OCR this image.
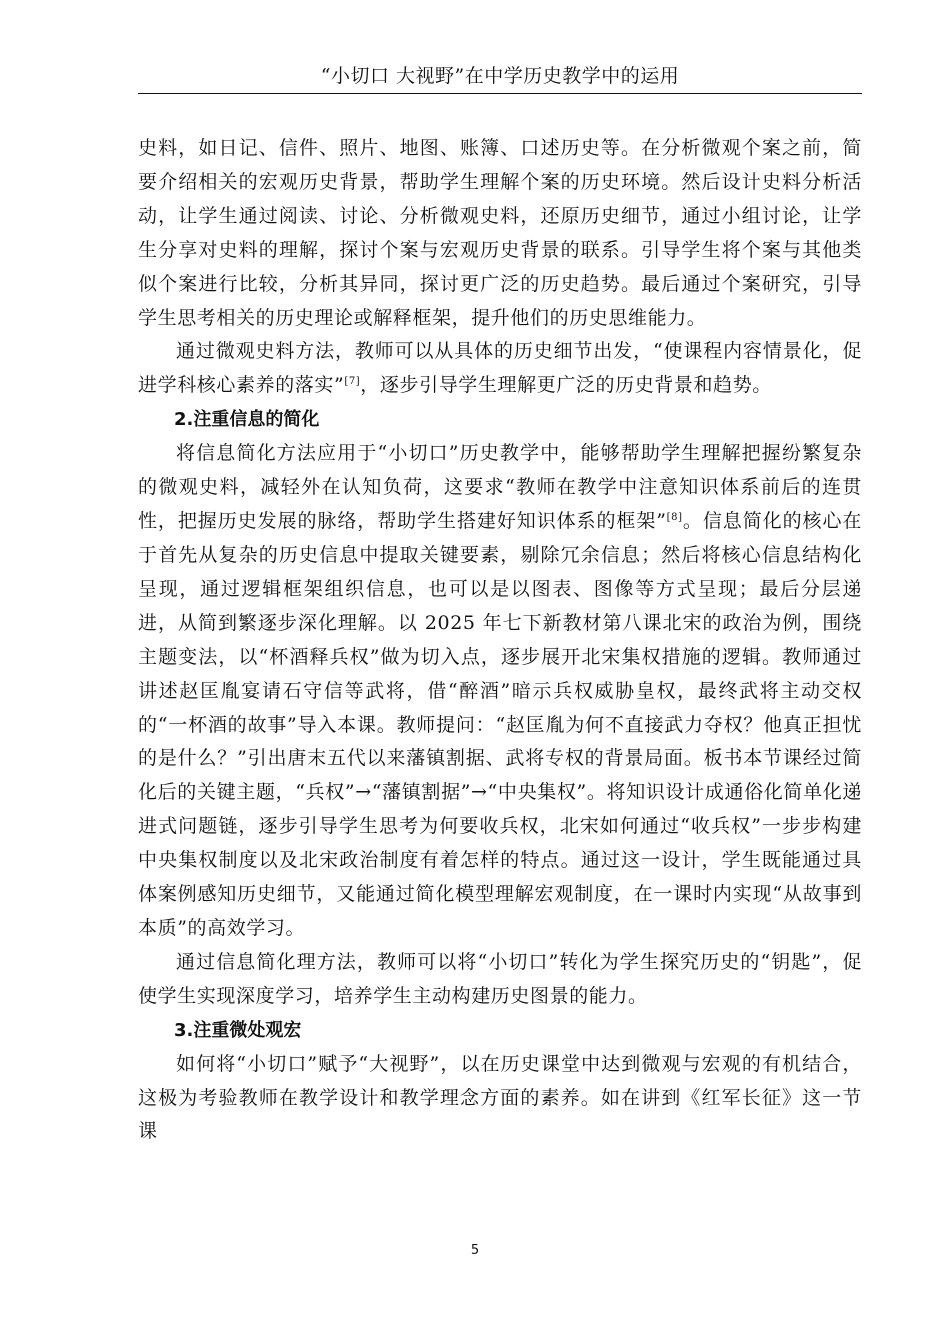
“小切口 大视野”在中学历史教学中的运用

史料，如日记、信件、照片、地图、账簿、口述历史等。在分析微观个案之前，简要介绍相关的宏观历史背景，帮助学生理解个案的历史环境。然后设计史料分析活动，让学生通过阅读、讨论、分析微观史料，还原历史细节，通过小组讨论，让学生分享对史料的理解，探讨个案与宏观历史背景的联系。引导学生将个案与其他类似个案进行比较，分析其异同，探讨更广泛的历史趋势。最后通过个案研究，引导学生思考相关的历史理论或解释框架，提升他们的历史思维能力。

通过微观史料方法，教师可以从具体的历史细节出发，“使课程内容情景化，促进学科核心素养的落实”[7]，逐步引导学生理解更广泛的历史背景和趋势。

2.注重信息的简化

将信息简化方法应用于“小切口”历史教学中，能够帮助学生理解把握纷繁复杂的微观史料，减轻外在认知负荷，这要求“教师在教学中注意知识体系前后的连贯性，把握历史发展的脉络，帮助学生搭建好知识体系的框架”[8]。信息简化的核心在于首先从复杂的历史信息中提取关键要素，剔除冗余信息；然后将核心信息结构化呈现，通过逻辑框架组织信息，也可以是以图表、图像等方式呈现；最后分层递进，从简到繁逐步深化理解。以 2025 年七下新教材第八课北宋的政治为例，围绕主题变法，以“杯酒释兵权”做为切入点，逐步展开北宋集权措施的逻辑。教师通过讲述赵匡胤宴请石守信等武将，借“醉酒”暗示兵权威胁皇权，最终武将主动交权的“一杯酒的故事”导入本课。教师提问：“赵匡胤为何不直接武力夺权？他真正担忧的是什么？”引出唐末五代以来藩镇割据、武将专权的背景局面。板书本节课经过简化后的关键主题，“兵权”→“藩镇割据”→“中央集权”。将知识设计成通俗化简单化递进式问题链，逐步引导学生思考为何要收兵权，北宋如何通过“收兵权”一步步构建中央集权制度以及北宋政治制度有着怎样的特点。通过这一设计，学生既能通过具体案例感知历史细节，又能通过简化模型理解宏观制度，在一课时内实现“从故事到本质”的高效学习。

通过信息简化理方法，教师可以将“小切口”转化为学生探究历史的“钥匙”，促使学生实现深度学习，培养学生主动构建历史图景的能力。

3.注重微处观宏

如何将“小切口”赋予“大视野”，以在历史课堂中达到微观与宏观的有机结合，这极为考验教师在教学设计和教学理念方面的素养。如在讲到《红军长征》这一节课

5
